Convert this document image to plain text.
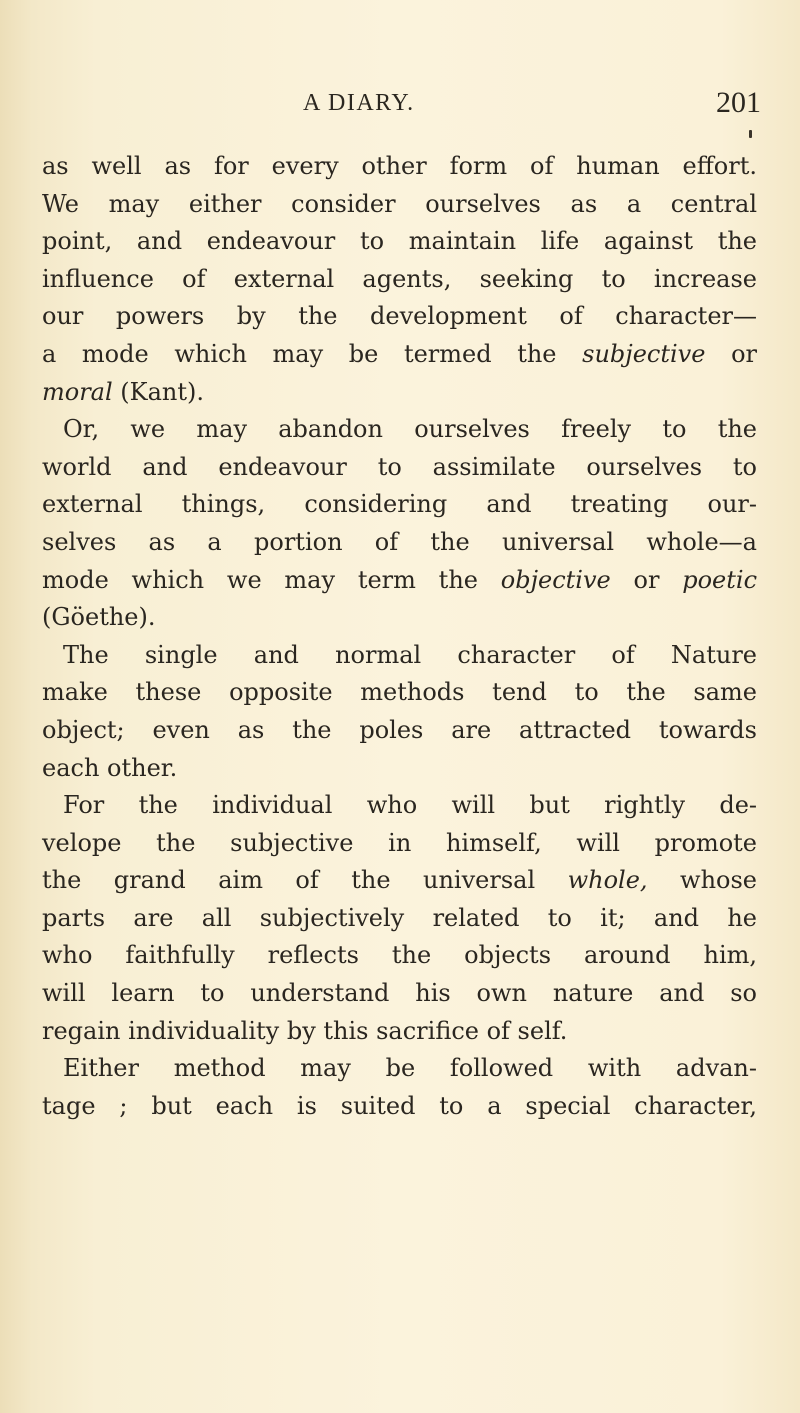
A DIARY.	201
as well as for every other form of human effort.
We may either consider ourselves as a central
point, and endeavour to maintain life against the
influence of external agents, seeking to increase
our powers by the development of character—
a mode which may be termed the subjective or
moral (Kant).
Or, we may abandon ourselves freely to the
world and endeavour to assimilate ourselves to
external things, considering and treating our-
selves as a portion of the universal whole—a
mode which we may term the objective or poetic
(Göethe).
The single and normal character of Nature
make these opposite methods tend to the same
object; even as the poles are attracted towards
each other.
For the individual who will but rightly de-
velope the subjective in himself, will promote
the grand aim of the universal whole, whose
parts are all subjectively related to it; and he
who faithfully reflects the objects around him,
will learn to understand his own nature and so
regain individuality by this sacrifice of self.
Either method may be followed with advan-
tage ; but each is suited to a special character,
